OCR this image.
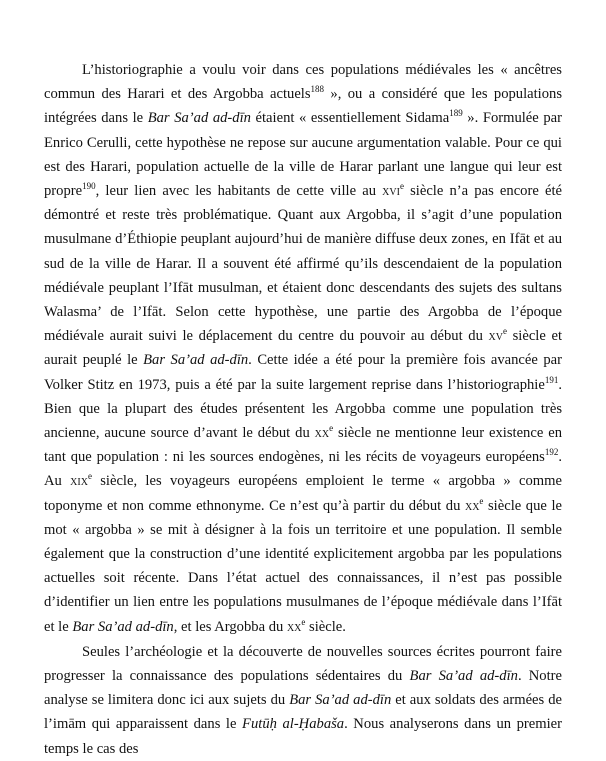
L’historiographie a voulu voir dans ces populations médiévales les « ancêtres commun des Harari et des Argobba actuels$^{188}$ », ou a considéré que les populations intégrées dans le Bar Sa’ad ad-dīn étaient « essentiellement Sidama$^{189}$ ». Formulée par Enrico Cerulli, cette hypothèse ne repose sur aucune argumentation valable. Pour ce qui est des Harari, population actuelle de la ville de Harar parlant une langue qui leur est propre$^{190}$, leur lien avec les habitants de cette ville au xvi$^e$ siècle n’a pas encore été démontré et reste très problématique. Quant aux Argobba, il s’agit d’une population musulmane d’Éthiopie peuplant aujourd’hui de manière diffuse deux zones, en Ifāt et au sud de la ville de Harar. Il a souvent été affirmé qu’ils descendaient de la population médiévale peuplant l’Ifāt musulman, et étaient donc descendants des sujets des sultans Walasma’ de l’Ifāt. Selon cette hypothèse, une partie des Argobba de l’époque médiévale aurait suivi le déplacement du centre du pouvoir au début du $xv^e$ siècle et aurait peuplé le Bar Sa’ad ad-dīn. Cette idée a été pour la première fois avancée par Volker Stitz en 1973, puis a été par la suite largement reprise dans l’historiographie$^{191}$. Bien que la plupart des études présentent les Argobba comme une population très ancienne, aucune source d’avant le début du $xx^e$ siècle ne mentionne leur existence en tant que population : ni les sources endogènes, ni les récits de voyageurs européens$^{192}$. Au xix$^e$ siècle, les voyageurs européens emploient le terme « argobba » comme toponyme et non comme ethnonyme. Ce n’est qu’à partir du début du $xx^e$ siècle que le mot « argobba » se mit à désigner à la fois un territoire et une population. Il semble également que la construction d’une identité explicitement argobba par les populations actuelles soit récente. Dans l’état actuel des connaissances, il n’est pas possible d’identifier un lien entre les populations musulmanes de l’époque médiévale dans l’Ifāt et le Bar Sa’ad ad-dīn, et les Argobba du $xx^e$ siècle.

Seules l’archéologie et la découverte de nouvelles sources écrites pourront faire progresser la connaissance des populations sédentaires du Bar Sa’ad ad-dīn. Notre analyse se limitera donc ici aux sujets du Bar Sa’ad ad-dīn et aux soldats des armées de l’imām qui apparaissent dans le Futūḥ al-Ḥabaša. Nous analyserons dans un premier temps le cas des
